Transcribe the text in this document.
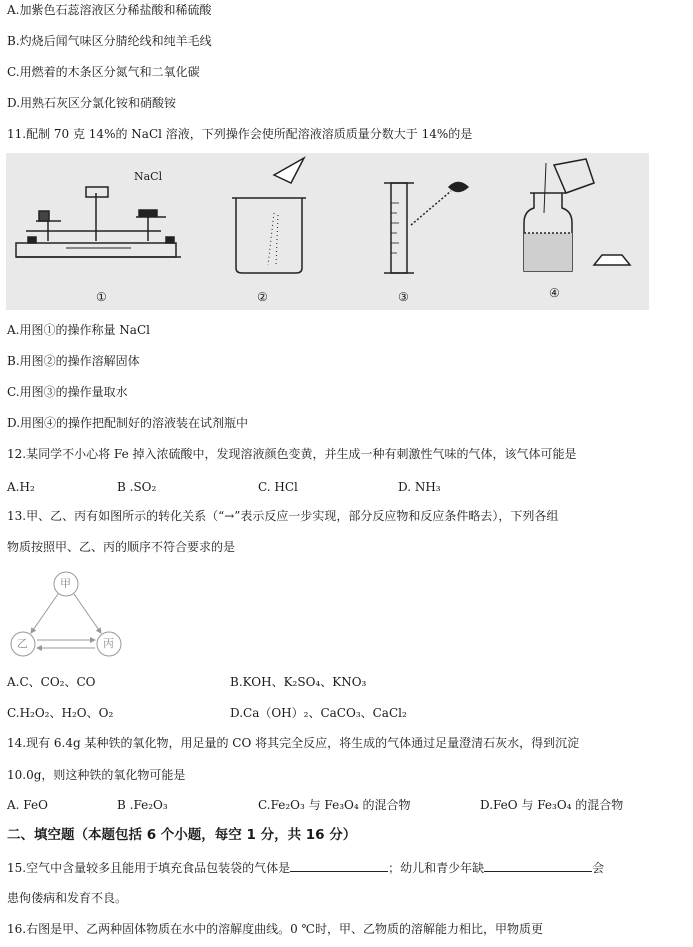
A.加紫色石蕊溶液区分稀盐酸和稀硫酸
B.灼烧后闻气味区分腈纶线和纯羊毛线
C.用燃着的木条区分氮气和二氧化碳
D.用熟石灰区分氯化铵和硝酸铵
11.配制 70 克 14%的 NaCl 溶液，下列操作会使所配溶液溶质质量分数大于 14%的是
NaCl
①	②	③	④
A.用图①的操作称量 NaCl
B.用图②的操作溶解固体
C.用图③的操作量取水
D.用图④的操作把配制好的溶液装在试剂瓶中
12.某同学不小心将 Fe 掉入浓硫酸中，发现溶液颜色变黄，并生成一种有刺激性气味的气体，该气体可能是
A.H₂	B .SO₂	C. HCl	D. NH₃
13.甲、乙、丙有如图所示的转化关系（“→”表示反应一步实现，部分反应物和反应条件略去），下列各组
物质按照甲、乙、丙的顺序不符合要求的是
甲
乙	丙
A.C、CO₂、CO	B.KOH、K₂SO₄、KNO₃
C.H₂O₂、H₂O、O₂	D.Ca（OH）₂、CaCO₃、CaCl₂
14.现有 6.4g 某种铁的氧化物，用足量的 CO 将其完全反应，将生成的气体通过足量澄清石灰水，得到沉淀
10.0g，则这种铁的氧化物可能是
A. FeO	B .Fe₂O₃	C.Fe₂O₃ 与 Fe₃O₄ 的混合物	D.FeO 与 Fe₃O₄ 的混合物
二、填空题（本题包括 6 个小题，每空 1 分，共 16 分）
15.空气中含量较多且能用于填充食品包装袋的气体是	；幼儿和青少年缺	会
患佝偻病和发育不良。
16.右图是甲、乙两种固体物质在水中的溶解度曲线。0 ℃时，甲、乙物质的溶解能力相比，甲物质更
